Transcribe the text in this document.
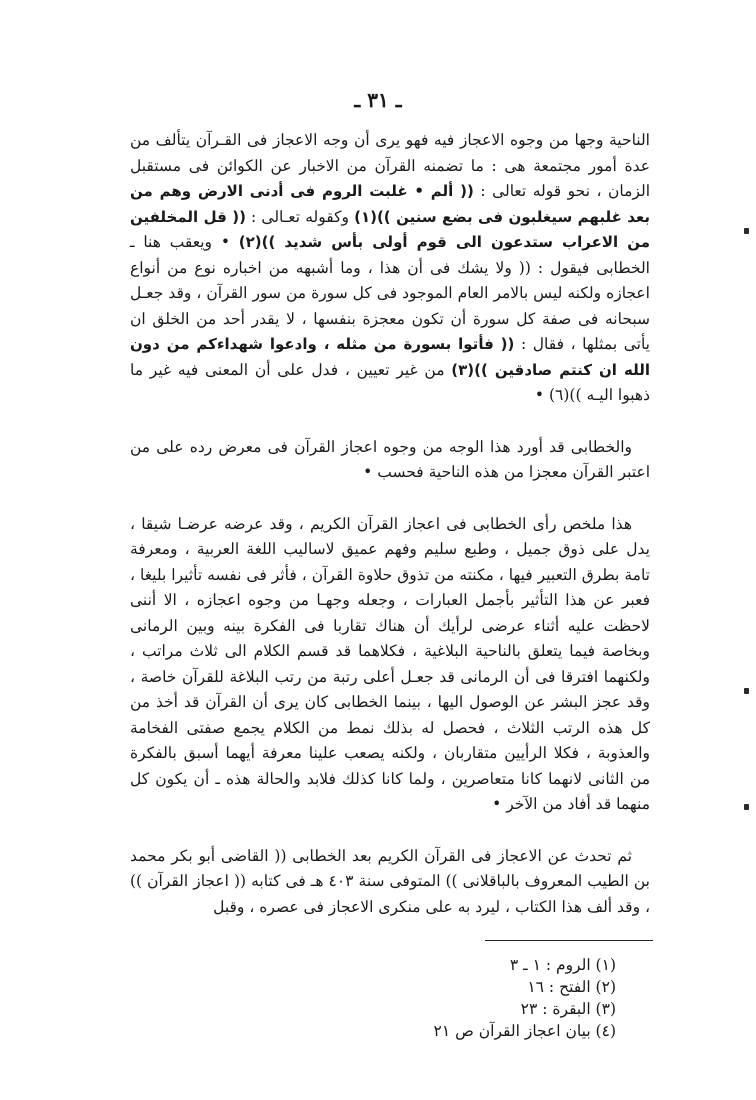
ـ ٣١ ـ

الناحية وجها من وجوه الاعجاز فيه فهو يرى أن وجه الاعجاز فى القـرآن يتألف من عدة أمور مجتمعة هى : ما تضمنه القرآن من الاخبار عن الكوائن فى مستقبل الزمان ، نحو قوله تعالى : (( ألم • غلبت الروم فى أدنى الارض وهم من بعد غلبهم سيغلبون فى بضع سنين ))(١) وكقوله تعـالى : (( قل المخلفين من الاعراب ستدعون الى قوم أولى بأس شديد ))(٢) • ويعقب هنا ـ الخطابى فيقول : (( ولا يشك فى أن هذا ، وما أشبهه من اخباره نوع من أنواع اعجازه ولكنه ليس بالامر العام الموجود فى كل سورة من سور القرآن ، وقد جعـل سبحانه فى صفة كل سورة أن تكون معجزة بنفسها ، لا يقدر أحد من الخلق ان يأتى بمثلها ، فقال : (( فأتوا بسورة من مثله ، وادعوا شهداءكم من دون الله ان كنتم صادقين ))(٣) من غير تعيين ، فدل على أن المعنى فيه غير ما ذهبوا اليـه ))(٦) •

والخطابى قد أورد هذا الوجه من وجوه اعجاز القرآن فى معرض رده على من اعتبر القرآن معجزا من هذه الناحية فحسب •

هذا ملخص رأى الخطابى فى اعجاز القرآن الكريم ، وقد عرضه عرضـا شيقا ، يدل على ذوق جميل ، وطبع سليم وفهم عميق لاساليب اللغة العربية ، ومعرفة تامة بطرق التعبير فيها ، مكنته من تذوق حلاوة القرآن ، فأثر فى نفسه تأثيرا بليغا ، فعبر عن هذا التأثير بأجمل العبارات ، وجعله وجهـا من وجوه اعجازه ، الا أننى لاحظت عليه أثناء عرضى لرأيك أن هناك تقاربا فى الفكرة بينه وبين الرمانى وبخاصة فيما يتعلق بالناحية البلاغية ، فكلاهما قد قسم الكلام الى ثلاث مراتب ، ولكنهما افترقا فى أن الرمانى قد جعـل أعلى رتبة من رتب البلاغة للقرآن خاصة ، وقد عجز البشر عن الوصول اليها ، بينما الخطابى كان يرى أن القرآن قد أخذ من كل هذه الرتب الثلاث ، فحصل له بذلك نمط من الكلام يجمع صفتى الفخامة والعذوبة ، فكلا الرأيين متقاربان ، ولكنه يصعب علينا معرفة أيهما أسبق بالفكرة من الثانى لانهما كانا متعاصرين ، ولما كانا كذلك فلابد والحالة هذه ـ أن يكون كل منهما قد أفاد من الآخر •

ثم تحدث عن الاعجاز فى القرآن الكريم بعد الخطابى (( القاضى أبو بكر محمد بن الطيب المعروف بالباقلانى )) المتوفى سنة ٤٠٣ هـ فى كتابه (( اعجاز القرآن )) ، وقد ألف هذا الكتاب ، ليرد به على منكرى الاعجاز فى عصره ، وقبل

(١) الروم : ١ ـ ٣

(٢) الفتح : ١٦

(٣) البقرة : ٢٣

(٤) بيان اعجاز القرآن ص ٢١
